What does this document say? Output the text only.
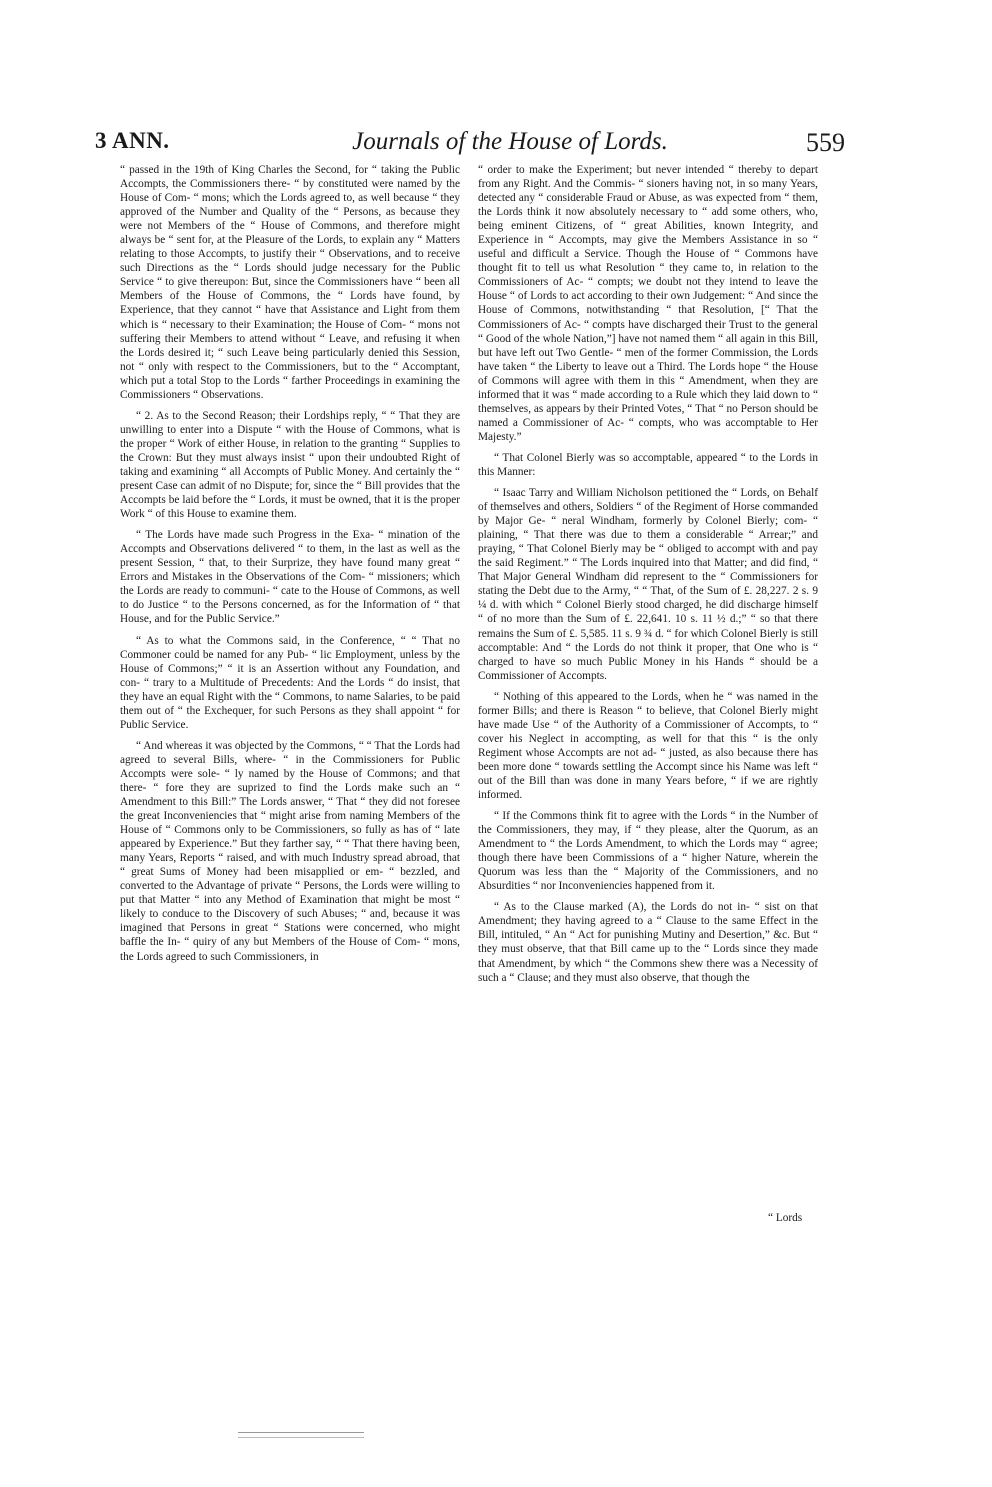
3 ANN.	Journals of the House of Lords.	559

“ passed in the 19th of King Charles the Second, for “ taking the Public Accompts, the Commissioners there- “ by constituted were named by the House of Com- “ mons; which the Lords agreed to, as well because “ they approved of the Number and Quality of the “ Persons, as because they were not Members of the “ House of Commons, and therefore might always be “ sent for, at the Pleasure of the Lords, to explain any “ Matters relating to those Accompts, to justify their “ Observations, and to receive such Directions as the “ Lords should judge necessary for the Public Service “ to give thereupon: But, since the Commissioners have “ been all Members of the House of Commons, the “ Lords have found, by Experience, that they cannot “ have that Assistance and Light from them which is “ necessary to their Examination; the House of Com- “ mons not suffering their Members to attend without “ Leave, and refusing it when the Lords desired it; “ such Leave being particularly denied this Session, not “ only with respect to the Commissioners, but to the “ Accomptant, which put a total Stop to the Lords “ farther Proceedings in examining the Commissioners “ Observations.

“ 2. As to the Second Reason; their Lordships reply, “ “ That they are unwilling to enter into a Dispute “ with the House of Commons, what is the proper “ Work of either House, in relation to the granting “ Supplies to the Crown: But they must always insist “ upon their undoubted Right of taking and examining “ all Accompts of Public Money. And certainly the “ present Case can admit of no Dispute; for, since the “ Bill provides that the Accompts be laid before the “ Lords, it must be owned, that it is the proper Work “ of this House to examine them.

“ The Lords have made such Progress in the Exa- “ mination of the Accompts and Observations delivered “ to them, in the last as well as the present Session, “ that, to their Surprize, they have found many great “ Errors and Mistakes in the Observations of the Com- “ missioners; which the Lords are ready to communi- “ cate to the House of Commons, as well to do Justice “ to the Persons concerned, as for the Information of “ that House, and for the Public Service.”

“ As to what the Commons said, in the Conference, “ “ That no Commoner could be named for any Pub- “ lic Employment, unless by the House of Commons;” “ it is an Assertion without any Foundation, and con- “ trary to a Multitude of Precedents: And the Lords “ do insist, that they have an equal Right with the “ Commons, to name Salaries, to be paid them out of “ the Exchequer, for such Persons as they shall appoint “ for Public Service.

“ And whereas it was objected by the Commons, “ “ That the Lords had agreed to several Bills, where- “ in the Commissioners for Public Accompts were sole- “ ly named by the House of Commons; and that there- “ fore they are suprized to find the Lords make such an “ Amendment to this Bill:” The Lords answer, “ That “ they did not foresee the great Inconveniencies that “ might arise from naming Members of the House of “ Commons only to be Commissioners, so fully as has of “ late appeared by Experience.” But they farther say, “ “ That there having been, many Years, Reports “ raised, and with much Industry spread abroad, that “ great Sums of Money had been misapplied or em- “ bezzled, and converted to the Advantage of private “ Persons, the Lords were willing to put that Matter “ into any Method of Examination that might be most “ likely to conduce to the Discovery of such Abuses; “ and, because it was imagined that Persons in great “ Stations were concerned, who might baffle the In- “ quiry of any but Members of the House of Com- “ mons, the Lords agreed to such Commissioners, in

“ order to make the Experiment; but never intended “ thereby to depart from any Right. And the Commis- “ sioners having not, in so many Years, detected any “ considerable Fraud or Abuse, as was expected from “ them, the Lords think it now absolutely necessary to “ add some others, who, being eminent Citizens, of “ great Abilities, known Integrity, and Experience in “ Accompts, may give the Members Assistance in so “ useful and difficult a Service. Though the House of “ Commons have thought fit to tell us what Resolution “ they came to, in relation to the Commissioners of Ac- “ compts; we doubt not they intend to leave the House “ of Lords to act according to their own Judgement: “ And since the House of Commons, notwithstanding “ that Resolution, [“ That the Commissioners of Ac- “ compts have discharged their Trust to the general “ Good of the whole Nation,”] have not named them “ all again in this Bill, but have left out Two Gentle- “ men of the former Commission, the Lords have taken “ the Liberty to leave out a Third. The Lords hope “ the House of Commons will agree with them in this “ Amendment, when they are informed that it was “ made according to a Rule which they laid down to “ themselves, as appears by their Printed Votes, “ That “ no Person should be named a Commissioner of Ac- “ compts, who was accomptable to Her Majesty.”

“ That Colonel Bierly was so accomptable, appeared “ to the Lords in this Manner:

“ Isaac Tarry and William Nicholson petitioned the “ Lords, on Behalf of themselves and others, Soldiers “ of the Regiment of Horse commanded by Major Ge- “ neral Windham, formerly by Colonel Bierly; com- “ plaining, “ That there was due to them a considerable “ Arrear;” and praying, “ That Colonel Bierly may be “ obliged to accompt with and pay the said Regiment.” “ The Lords inquired into that Matter; and did find, “ That Major General Windham did represent to the “ Commissioners for stating the Debt due to the Army, “ “ That, of the Sum of £. 28,227. 2 s. 9 ¼ d. with which “ Colonel Bierly stood charged, he did discharge himself “ of no more than the Sum of £. 22,641. 10 s. 11 ½ d.;” “ so that there remains the Sum of £. 5,585. 11 s. 9 ¾ d. “ for which Colonel Bierly is still accomptable: And “ the Lords do not think it proper, that One who is “ charged to have so much Public Money in his Hands “ should be a Commissioner of Accompts.

“ Nothing of this appeared to the Lords, when he “ was named in the former Bills; and there is Reason “ to believe, that Colonel Bierly might have made Use “ of the Authority of a Commissioner of Accompts, to “ cover his Neglect in accompting, as well for that this “ is the only Regiment whose Accompts are not ad- “ justed, as also because there has been more done “ towards settling the Accompt since his Name was left “ out of the Bill than was done in many Years before, “ if we are rightly informed.

“ If the Commons think fit to agree with the Lords “ in the Number of the Commissioners, they may, if “ they please, alter the Quorum, as an Amendment to “ the Lords Amendment, to which the Lords may “ agree; though there have been Commissions of a “ higher Nature, wherein the Quorum was less than the “ Majority of the Commissioners, and no Absurdities “ nor Inconveniencies happened from it.

“ As to the Clause marked (A), the Lords do not in- “ sist on that Amendment; they having agreed to a “ Clause to the same Effect in the Bill, intituled, “ An “ Act for punishing Mutiny and Desertion,” &c. But “ they must observe, that that Bill came up to the “ Lords since they made that Amendment, by which “ the Commons shew there was a Necessity of such a “ Clause; and they must also observe, that though the

“ Lords
